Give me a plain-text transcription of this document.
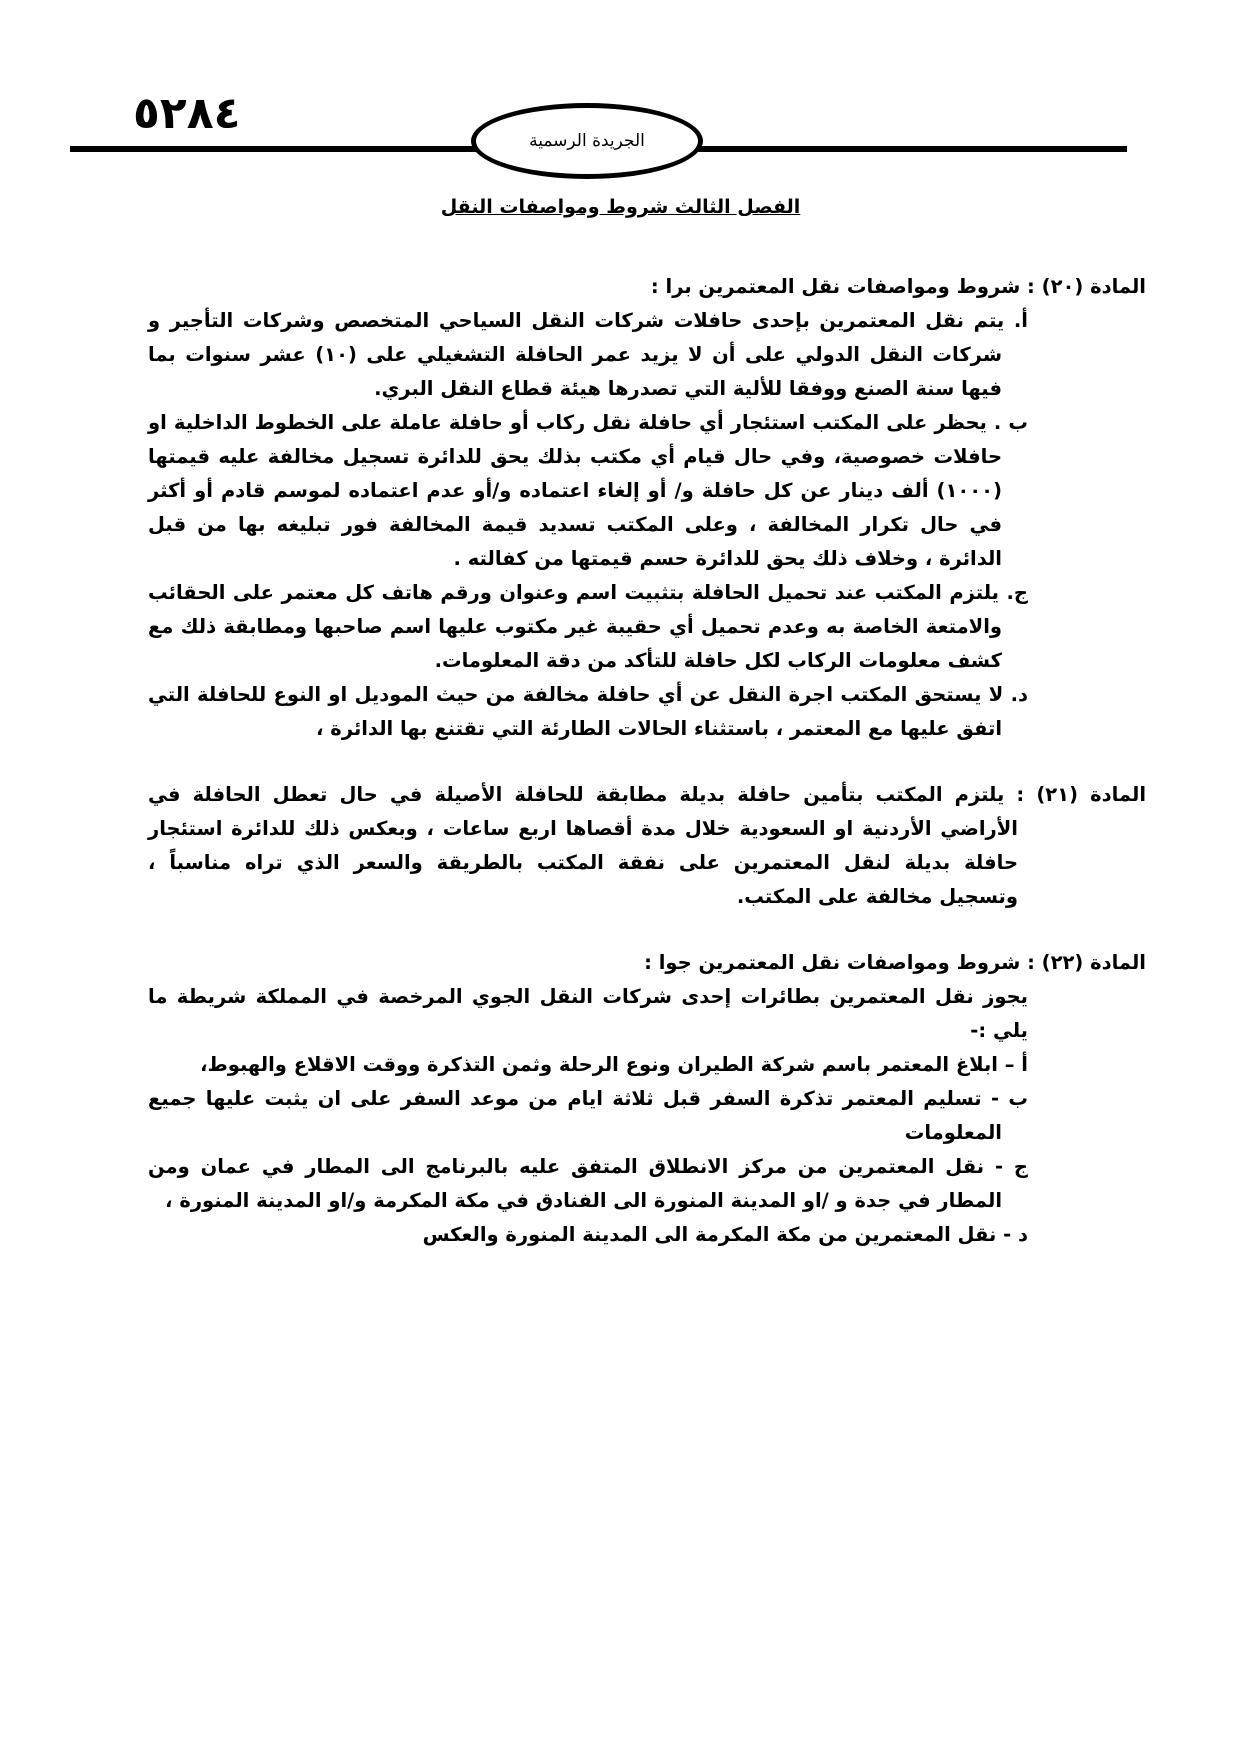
٥٢٨٤
الجريدة الرسمية
الفصل الثالث شروط ومواصفات النقل

المادة (٢٠) : شروط ومواصفات نقل المعتمرين برا :

أ. يتم نقل المعتمرين بإحدى حافلات شركات النقل السياحي المتخصص وشركات التأجير و شركات النقل الدولي على أن لا يزيد عمر الحافلة التشغيلي على (١٠) عشر سنوات بما فيها سنة الصنع ووفقا للألية التي تصدرها هيئة قطاع النقل البري.

ب . يحظر على المكتب استئجار أي حافلة نقل ركاب أو حافلة عاملة على الخطوط الداخلية او حافلات خصوصية، وفي حال قيام أي مكتب بذلك يحق للدائرة تسجيل مخالفة عليه قيمتها (١٠٠٠) ألف دينار عن كل حافلة و/ أو إلغاء اعتماده و/أو عدم اعتماده لموسم قادم أو أكثر في حال تكرار المخالفة ، وعلى المكتب تسديد قيمة المخالفة فور تبليغه بها من قبل الدائرة ، وخلاف ذلك يحق للدائرة حسم قيمتها من كفالته .

ج. يلتزم المكتب عند تحميل الحافلة بتثبيت اسم وعنوان ورقم هاتف كل معتمر على الحقائب والامتعة الخاصة به وعدم تحميل أي حقيبة غير مكتوب عليها اسم صاحبها ومطابقة ذلك مع كشف معلومات الركاب لكل حافلة للتأكد من دقة المعلومات.

د. لا يستحق المكتب اجرة النقل عن أي حافلة مخالفة من حيث الموديل او النوع للحافلة التي اتفق عليها مع المعتمر ، باستثناء الحالات الطارئة التي تقتنع بها الدائرة ،

المادة (٢١) : يلتزم المكتب بتأمين حافلة بديلة مطابقة للحافلة الأصيلة في حال تعطل الحافلة في الأراضي الأردنية او السعودية خلال مدة أقصاها اربع ساعات ، وبعكس ذلك للدائرة استئجار حافلة بديلة لنقل المعتمرين على نفقة المكتب بالطريقة والسعر الذي تراه مناسباً ، وتسجيل مخالفة على المكتب.

المادة (٢٢) : شروط ومواصفات نقل المعتمرين جوا :

يجوز نقل المعتمرين بطائرات إحدى شركات النقل الجوي المرخصة في المملكة شريطة ما يلي :-

أ – ابلاغ المعتمر باسم شركة الطيران ونوع الرحلة وثمن التذكرة ووقت الاقلاع والهبوط،

ب - تسليم المعتمر تذكرة السفر قبل ثلاثة ايام من موعد السفر على ان يثبت عليها جميع المعلومات

ج - نقل المعتمرين من مركز الانطلاق المتفق عليه بالبرنامج الى المطار في عمان ومن المطار في جدة و /او المدينة المنورة الى الفنادق في مكة المكرمة و/او المدينة المنورة ،

د - نقل المعتمرين من مكة المكرمة الى المدينة المنورة والعكس
